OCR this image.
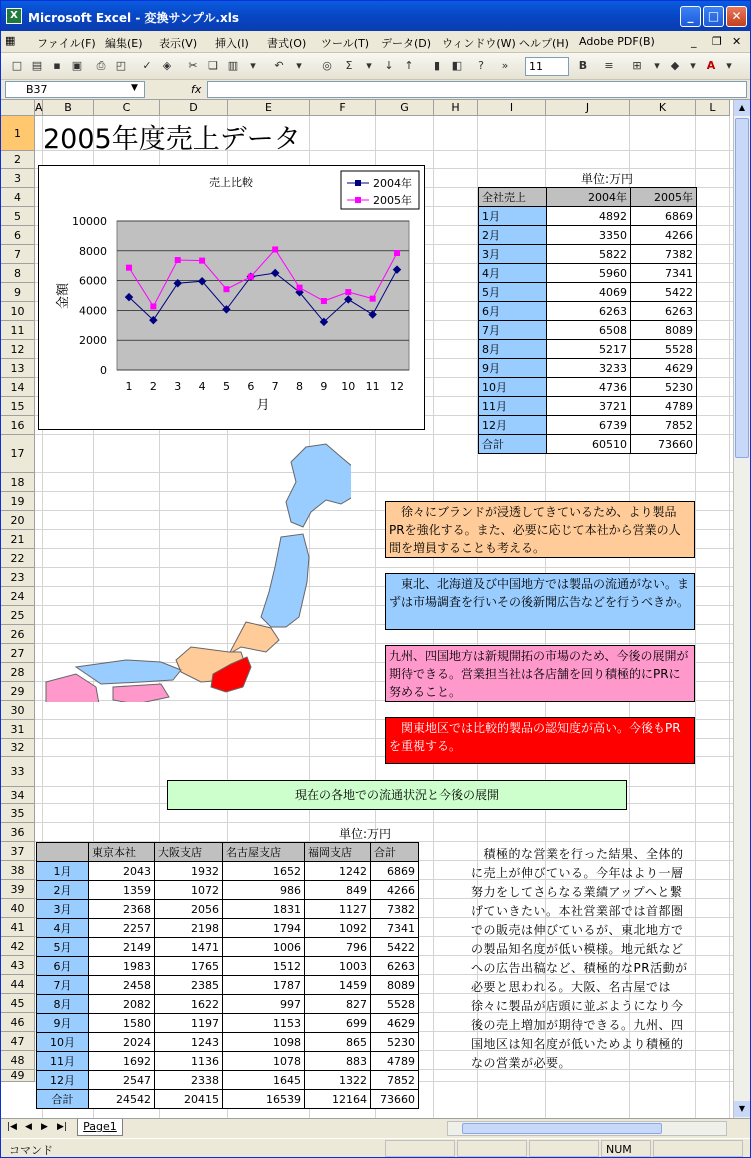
X Microsoft Excel - 変換サンプル.xls	_	□	✕
▦ ファイル(F) 編集(E) 表示(V) 挿入(I) 書式(O) ツール(T) データ(D) ウィンドウ(W) ヘルプ(H) Adobe PDF(B)	_ ❐ ✕
□ ▤	▪	▣	⎙ ◰	✓	◈	✂ ❏ ▥	▾	↶	▾	◎	Σ	▾	↓ ↑	▮	◧	?	»	11	B	≡	⊞	▾	◆	▾ A ▾
B37	▼	fx
2005年度売上データ
0
2000
4000
6000
8000
10000
1 2 3 4 5 6 7 8 9 10 11 12
売上比較
月
金額
2004年
2005年
単位:万円
全社売上	2004年	2005年
1月	4892	6869
2月	3350	4266
3月	5822	7382
4月	5960	7341
5月	4069	5422
6月	6263	6263
7月	6508	8089
8月	5217	5528
9月	3233	4629
10月	4736	5230
11月	3721	4789
12月	6739	7852
合計	60510	73660
　徐々にブランドが浸透してきているため、より製品PRを強化する。また、必要に応じて本社から営業の人間を増員することも考える。
　東北、北海道及び中国地方では製品の流通がない。まずは市場調査を行いその後新聞広告などを行うべきか。
九州、四国地方は新規開拓の市場のため、今後の展開が期待できる。営業担当社は各店舗を回り積極的にPRに努めること。
　関東地区では比較的製品の認知度が高い。今後もPRを重視する。
現在の各地での流通状況と今後の展開
単位:万円
	東京本社	大阪支店	名古屋支店	福岡支店	合計
1月	2043	1932	1652	1242	6869
2月	1359	1072	986	849	4266
3月	2368	2056	1831	1127	7382
4月	2257	2198	1794	1092	7341
5月	2149	1471	1006	796	5422
6月	1983	1765	1512	1003	6263
7月	2458	2385	1787	1459	8089
8月	2082	1622	997	827	5528
9月	1580	1197	1153	699	4629
10月	2024	1243	1098	865	5230
11月	1692	1136	1078	883	4789
12月	2547	2338	1645	1322	7852
合計	24542	20415	16539	12164	73660
　積極的な営業を行った結果、全体的に売上が伸びている。今年はより一層努力をしてさらなる業績アップへと繋げていきたい。本社営業部では首都圏での販売は伸びているが、東北地方での製品知名度が低い模様。地元紙などへの広告出稿など、積極的なPR活動が必要と思われる。大阪、名古屋では徐々に製品が店頭に並ぶようになり今後の売上増加が期待できる。九州、四国地区は知名度が低いためより積極的なの営業が必要。
A	B	C	D	E	F	G	H	I	J	K	L
1
2
3
4
5
6
7
8
9
10
11
12
13
14
15
16
17
18
19
20
21
22
23
24
25
26
27
28
29
30
31
32
33
34
35
36
37
38
39
40
41
42
43
44
45
46
47
48
49
▲
▼
|◀ ◀ ▶ ▶|	Page1
コマンド	NUM
